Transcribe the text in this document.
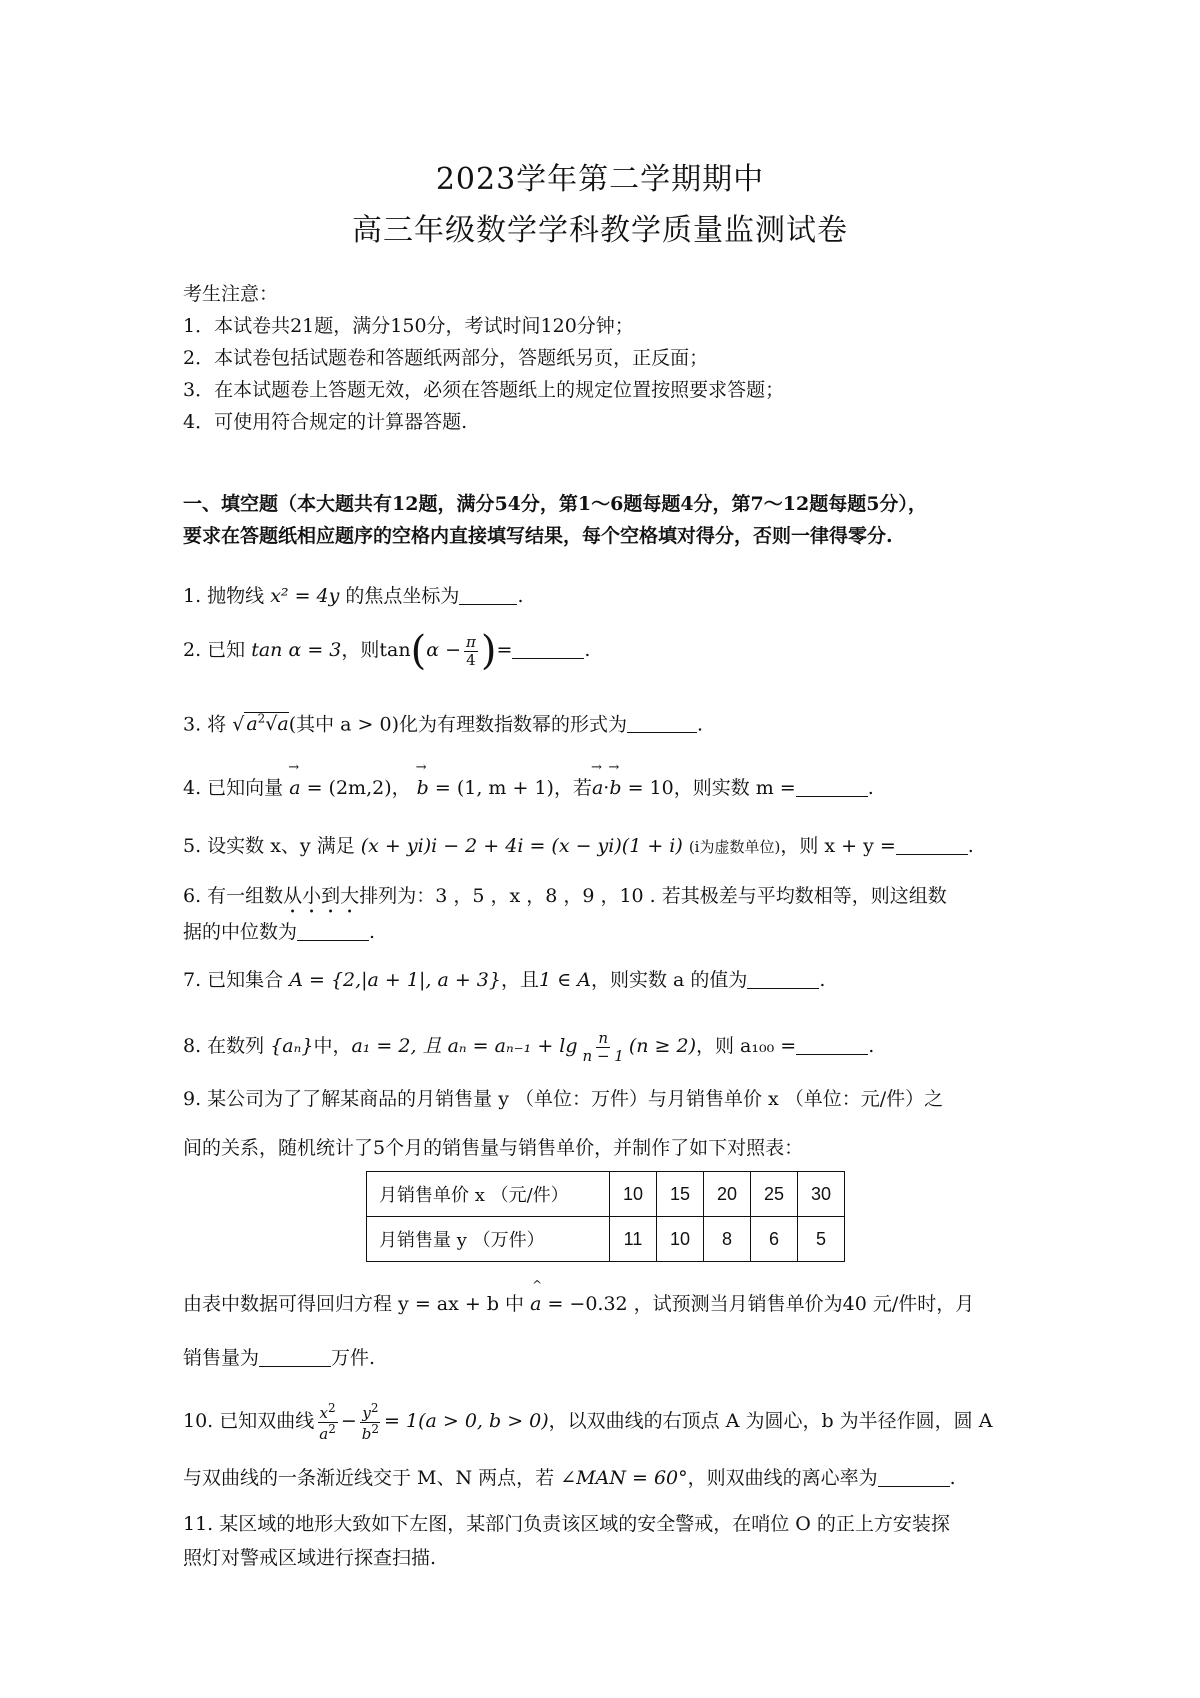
2023学年第二学期期中
高三年级数学学科教学质量监测试卷
考生注意：
1．本试卷共21题，满分150分，考试时间120分钟；
2．本试卷包括试题卷和答题纸两部分，答题纸另页，正反面；
3．在本试题卷上答题无效，必须在答题纸上的规定位置按照要求答题；
4．可使用符合规定的计算器答题.
一、填空题（本大题共有12题，满分54分，第1～6题每题4分，第7～12题每题5分），
要求在答题纸相应题序的空格内直接填写结果，每个空格填对得分，否则一律得零分.
1. 抛物线 x² = 4y 的焦点坐标为	.
2. 已知 tan α = 3，则$\tan(\alpha - \frac{\pi}{4}$ )=	.
3. 将 √ $a^2√a$(其中 a > 0)化为有理数指数幂的形式为	.
4. 已知向量 → a = (2m,2)， → b = (1, m + 1)，若→ a·→ b = 10，则实数 m =	.
5. 设实数 x、y 满足 (x + yi)i − 2 + 4i = (x − yi)(1 + i) (i为虚数单位)，则 x + y =	.
6. 有一组数从小到大排列为：3 ，5 ，x ，8 ，9 ，10 . 若其极差与平均数相等，则这组数
据的中位数为	.
7. 已知集合 A = {2,|a + 1|, a + 3}，且1 ∈ A，则实数 a 的值为	.
8. 在数列 {aₙ}中，a₁ = 2, 且 $a_n = a_{n-1} + \lg \frac{n}{n - 1} (n \ge 2)$，则 a₁₀₀ =	.
9. 某公司为了了解某商品的月销售量 y （单位：万件）与月销售单价 x （单位：元/件）之
间的关系，随机统计了5个月的销售量与销售单价，并制作了如下对照表：
月销售单价 x （元/件）	10	15	20	25	30
月销售量 y （万件）	11	10	8	6	5
由表中数据可得回归方程 y = ax + b 中 ^ a = −0.32 ，试预测当月销售单价为40 元/件时，月
销售量为	万件.
10. 已知双曲线 $\frac{x^2}{a^2} - \frac{y^2}{b^2} = 1(a > 0$, b > 0)，以双曲线的右顶点 A 为圆心，b 为半径作圆，圆 A
与双曲线的一条渐近线交于 M、N 两点，若 ∠MAN = 60°，则双曲线的离心率为	.
11. 某区域的地形大致如下左图，某部门负责该区域的安全警戒，在哨位 O 的正上方安装探
照灯对警戒区域进行探查扫描.
